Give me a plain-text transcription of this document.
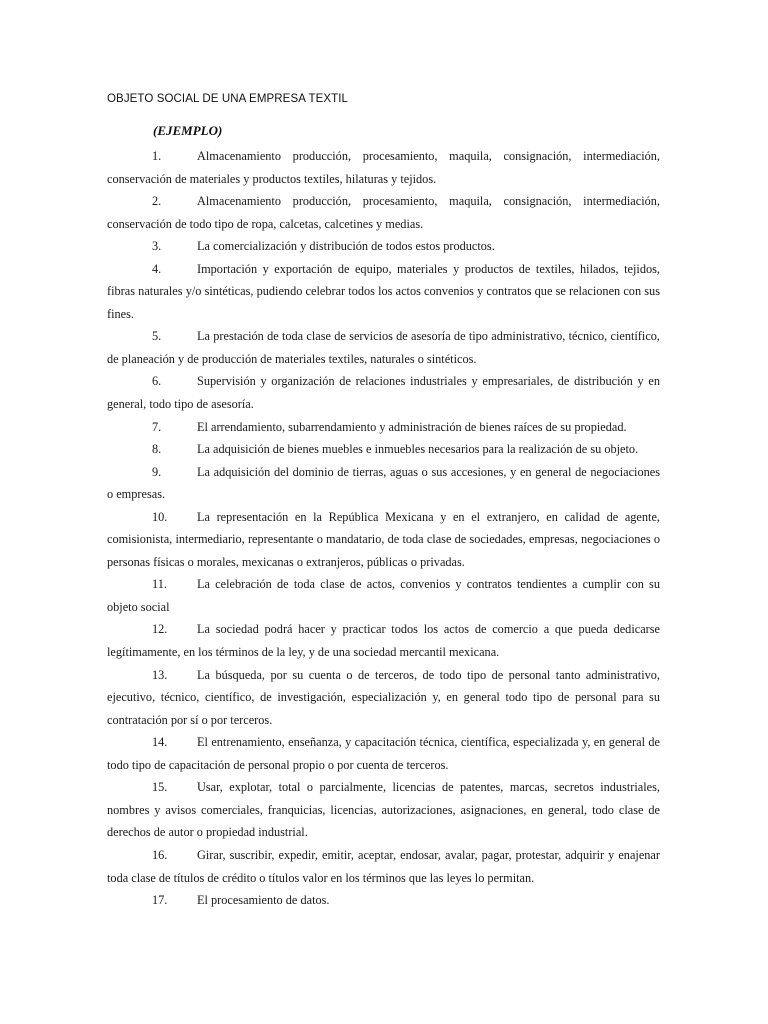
OBJETO SOCIAL DE UNA EMPRESA TEXTIL
(EJEMPLO)

1.	Almacenamiento producción, procesamiento, maquila, consignación, intermediación, conservación de materiales y productos textiles, hilaturas y tejidos.

2.	Almacenamiento producción, procesamiento, maquila, consignación, intermediación, conservación de todo tipo de ropa, calcetas, calcetines y medias.

3.	La comercialización y distribución de todos estos productos.

4.	Importación y exportación de equipo, materiales y productos de textiles, hilados, tejidos, fibras naturales y/o sintéticas, pudiendo celebrar todos los actos convenios y contratos que se relacionen con sus fines.

5.	La prestación de toda clase de servicios de asesoría de tipo administrativo, técnico, científico, de planeación y de producción de materiales textiles, naturales o sintéticos.

6.	Supervisión y organización de relaciones industriales y empresariales, de distribución y en general, todo tipo de asesoría.

7.	El arrendamiento, subarrendamiento y administración de bienes raíces de su propiedad.

8.	La adquisición de bienes muebles e inmuebles necesarios para la realización de su objeto.

9.	La adquisición del dominio de tierras, aguas o sus accesiones, y en general de negociaciones o empresas.

10. La representación en la República Mexicana y en el extranjero, en calidad de agente, comisionista, intermediario, representante o mandatario, de toda clase de sociedades, empresas, negociaciones o personas físicas o morales, mexicanas o extranjeros, públicas o privadas.

11. La celebración de toda clase de actos, convenios y contratos tendientes a cumplir con su objeto social

12. La sociedad podrá hacer y practicar todos los actos de comercio a que pueda dedicarse legítimamente, en los términos de la ley, y de una sociedad mercantil mexicana.

13. La búsqueda, por su cuenta o de terceros, de todo tipo de personal tanto administrativo, ejecutivo, técnico, científico, de investigación, especialización y, en general todo tipo de personal para su contratación por sí o por terceros.

14. El entrenamiento, enseñanza, y capacitación técnica, científica, especializada y, en general de todo tipo de capacitación de personal propio o por cuenta de terceros.

15. Usar, explotar, total o parcialmente, licencias de patentes, marcas, secretos industriales, nombres y avisos comerciales, franquicias, licencias, autorizaciones, asignaciones, en general, todo clase de derechos de autor o propiedad industrial.

16. Girar, suscribir, expedir, emitir, aceptar, endosar, avalar, pagar, protestar, adquirir y enajenar toda clase de títulos de crédito o títulos valor en los términos que las leyes lo permitan.

17. El procesamiento de datos.
